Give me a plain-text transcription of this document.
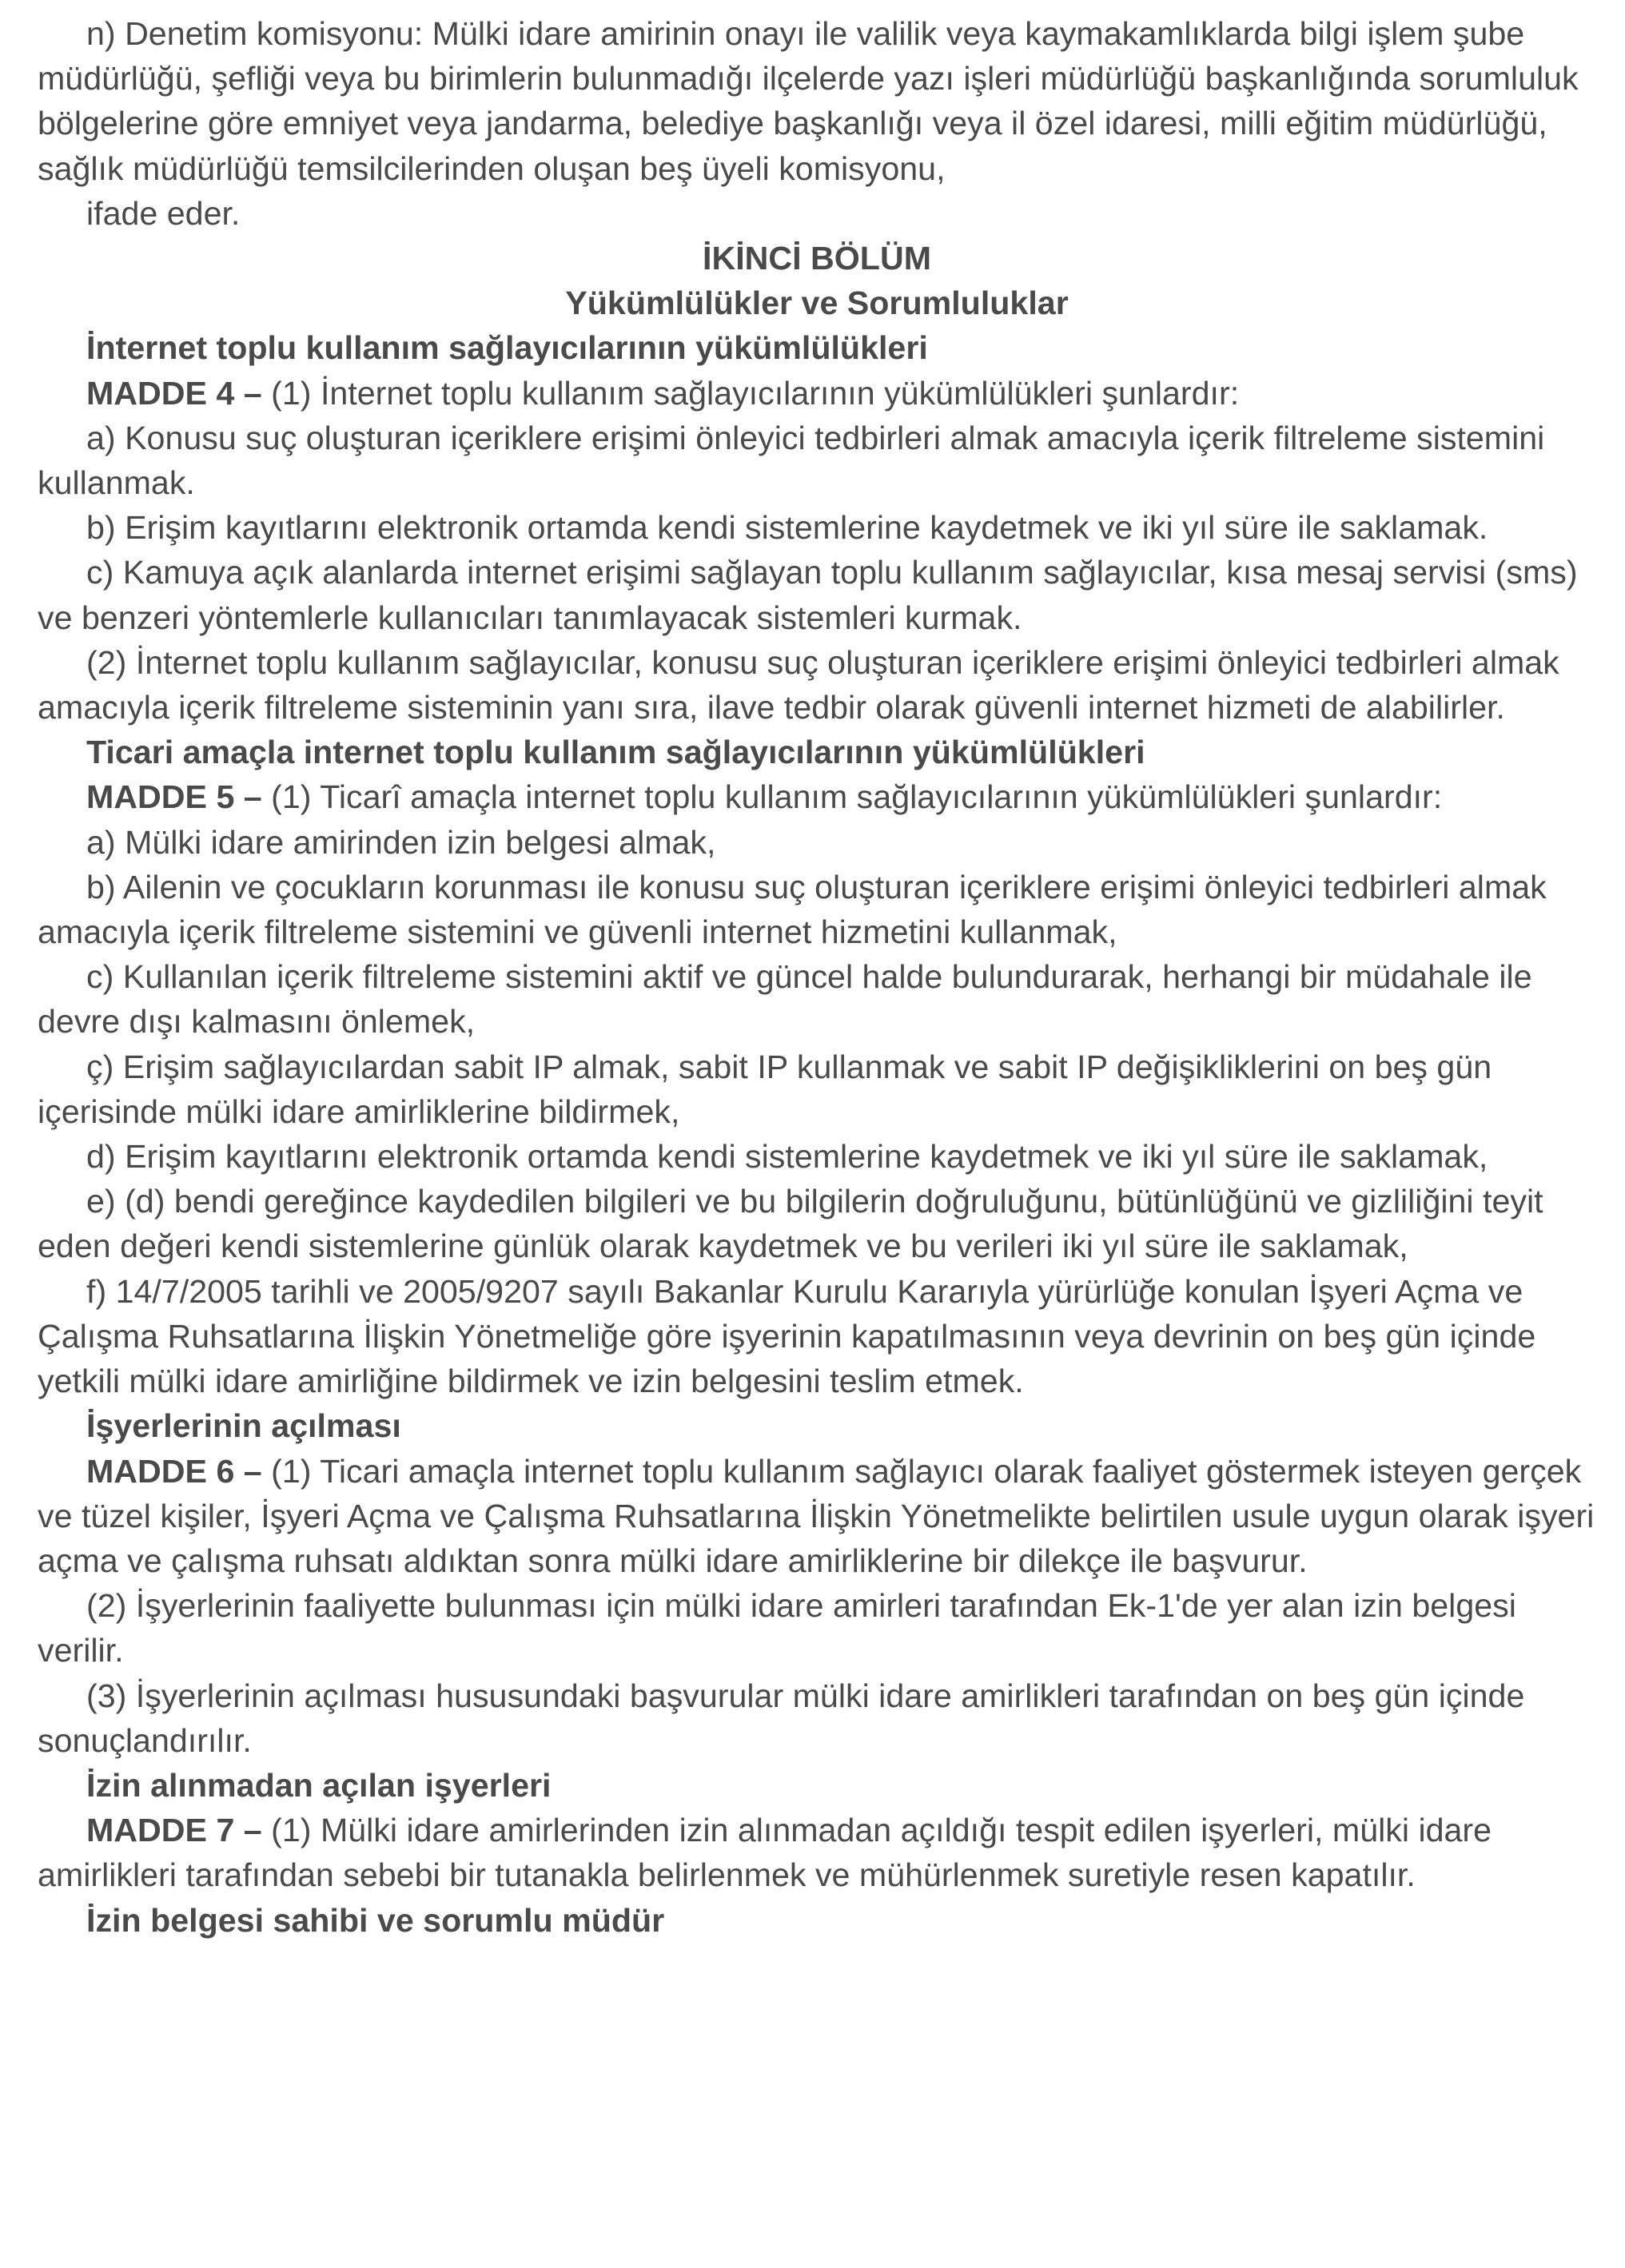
n) Denetim komisyonu: Mülki idare amirinin onayı ile valilik veya kaymakamlıklarda bilgi işlem şube müdürlüğü, şefliği veya bu birimlerin bulunmadığı ilçelerde yazı işleri müdürlüğü başkanlığında sorumluluk bölgelerine göre emniyet veya jandarma, belediye başkanlığı veya il özel idaresi, milli eğitim müdürlüğü, sağlık müdürlüğü temsilcilerinden oluşan beş üyeli komisyonu,

ifade eder.

İKİNCİ BÖLÜM

Yükümlülükler ve Sorumluluklar

İnternet toplu kullanım sağlayıcılarının yükümlülükleri

MADDE 4 – (1) İnternet toplu kullanım sağlayıcılarının yükümlülükleri şunlardır:

a) Konusu suç oluşturan içeriklere erişimi önleyici tedbirleri almak amacıyla içerik filtreleme sistemini kullanmak.

b) Erişim kayıtlarını elektronik ortamda kendi sistemlerine kaydetmek ve iki yıl süre ile saklamak.

c) Kamuya açık alanlarda internet erişimi sağlayan toplu kullanım sağlayıcılar, kısa mesaj servisi (sms) ve benzeri yöntemlerle kullanıcıları tanımlayacak sistemleri kurmak.

(2) İnternet toplu kullanım sağlayıcılar, konusu suç oluşturan içeriklere erişimi önleyici tedbirleri almak amacıyla içerik filtreleme sisteminin yanı sıra, ilave tedbir olarak güvenli internet hizmeti de alabilirler.

Ticari amaçla internet toplu kullanım sağlayıcılarının yükümlülükleri

MADDE 5 – (1) Ticarî amaçla internet toplu kullanım sağlayıcılarının yükümlülükleri şunlardır:

a) Mülki idare amirinden izin belgesi almak,

b) Ailenin ve çocukların korunması ile konusu suç oluşturan içeriklere erişimi önleyici tedbirleri almak amacıyla içerik filtreleme sistemini ve güvenli internet hizmetini kullanmak,

c) Kullanılan içerik filtreleme sistemini aktif ve güncel halde bulundurarak, herhangi bir müdahale ile devre dışı kalmasını önlemek,

ç) Erişim sağlayıcılardan sabit IP almak, sabit IP kullanmak ve sabit IP değişikliklerini on beş gün içerisinde mülki idare amirliklerine bildirmek,

d) Erişim kayıtlarını elektronik ortamda kendi sistemlerine kaydetmek ve iki yıl süre ile saklamak,

e) (d) bendi gereğince kaydedilen bilgileri ve bu bilgilerin doğruluğunu, bütünlüğünü ve gizliliğini teyit eden değeri kendi sistemlerine günlük olarak kaydetmek ve bu verileri iki yıl süre ile saklamak,

f) 14/7/2005 tarihli ve 2005/9207 sayılı Bakanlar Kurulu Kararıyla yürürlüğe konulan İşyeri Açma ve Çalışma Ruhsatlarına İlişkin Yönetmeliğe göre işyerinin kapatılmasının veya devrinin on beş gün içinde yetkili mülki idare amirliğine bildirmek ve izin belgesini teslim etmek.

İşyerlerinin açılması

MADDE 6 – (1) Ticari amaçla internet toplu kullanım sağlayıcı olarak faaliyet göstermek isteyen gerçek ve tüzel kişiler, İşyeri Açma ve Çalışma Ruhsatlarına İlişkin Yönetmelikte belirtilen usule uygun olarak işyeri açma ve çalışma ruhsatı aldıktan sonra mülki idare amirliklerine bir dilekçe ile başvurur.

(2) İşyerlerinin faaliyette bulunması için mülki idare amirleri tarafından Ek-1'de yer alan izin belgesi verilir.

(3) İşyerlerinin açılması hususundaki başvurular mülki idare amirlikleri tarafından on beş gün içinde sonuçlandırılır.

İzin alınmadan açılan işyerleri

MADDE 7 – (1) Mülki idare amirlerinden izin alınmadan açıldığı tespit edilen işyerleri, mülki idare amirlikleri tarafından sebebi bir tutanakla belirlenmek ve mühürlenmek suretiyle resen kapatılır.

İzin belgesi sahibi ve sorumlu müdür
